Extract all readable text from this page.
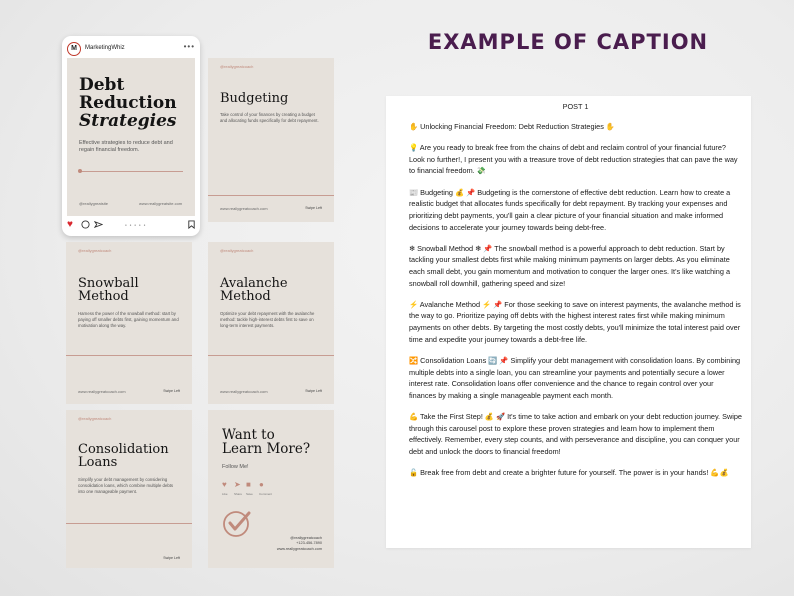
EXAMPLE OF CAPTION
M	MarketingWhiz	•••
Debt
Reduction
Strategies
Effective strategies to reduce debt and regain financial freedom.
@reallygreatsite	www.reallygreatsite.com
♥	● ● ● ● ●
@reallygreatcoach
Budgeting
Take control of your finances by creating a budget and allocating funds specifically for debt repayment.
www.reallygreatcoach.com	Swipe Left
@reallygreatcoach
Snowball
Method
Harness the power of the snowball method: start by paying off smaller debts first, gaining momentum and motivation along the way.
www.reallygreatcoach.com	Swipe Left
@reallygreatcoach
Avalanche
Method
Optimize your debt repayment with the avalanche method: tackle high-interest debts first to save on long-term interest payments.
www.reallygreatcoach.com	Swipe Left
@reallygreatcoach
Consolidation
Loans
Simplify your debt management by considering consolidation loans, which combine multiple debts into one manageable payment.
Swipe Left
Want to
Learn More?
Follow Me!
♥ ➤ ■ ●
Like Share Save Comment
@reallygreatcoach
+123-456-7890
www.reallygreatcoach.com
POST 1

✋ Unlocking Financial Freedom: Debt Reduction Strategies ✋

💡 Are you ready to break free from the chains of debt and reclaim control of your financial future? Look no further!, I present you with a treasure trove of debt reduction strategies that can pave the way to financial freedom. 💸

📰 Budgeting 💰 📌 Budgeting is the cornerstone of effective debt reduction. Learn how to create a realistic budget that allocates funds specifically for debt repayment. By tracking your expenses and prioritizing debt payments, you'll gain a clear picture of your financial situation and make informed decisions to accelerate your journey towards being debt-free.

❄ Snowball Method ❄ 📌 The snowball method is a powerful approach to debt reduction. Start by tackling your smallest debts first while making minimum payments on larger debts. As you eliminate each small debt, you gain momentum and motivation to conquer the larger ones. It's like watching a snowball roll downhill, gathering speed and size!

⚡ Avalanche Method ⚡ 📌 For those seeking to save on interest payments, the avalanche method is the way to go. Prioritize paying off debts with the highest interest rates first while making minimum payments on other debts. By targeting the most costly debts, you'll minimize the total interest paid over time and expedite your journey towards a debt-free life.

🔀 Consolidation Loans 🔄 📌 Simplify your debt management with consolidation loans. By combining multiple debts into a single loan, you can streamline your payments and potentially secure a lower interest rate. Consolidation loans offer convenience and the chance to regain control over your finances by making a single manageable payment each month.

💪 Take the First Step! 💰 🚀 It's time to take action and embark on your debt reduction journey. Swipe through this carousel post to explore these proven strategies and learn how to implement them effectively. Remember, every step counts, and with perseverance and discipline, you can conquer your debt and unlock the doors to financial freedom!

🔓 Break free from debt and create a brighter future for yourself. The power is in your hands! 💪💰
